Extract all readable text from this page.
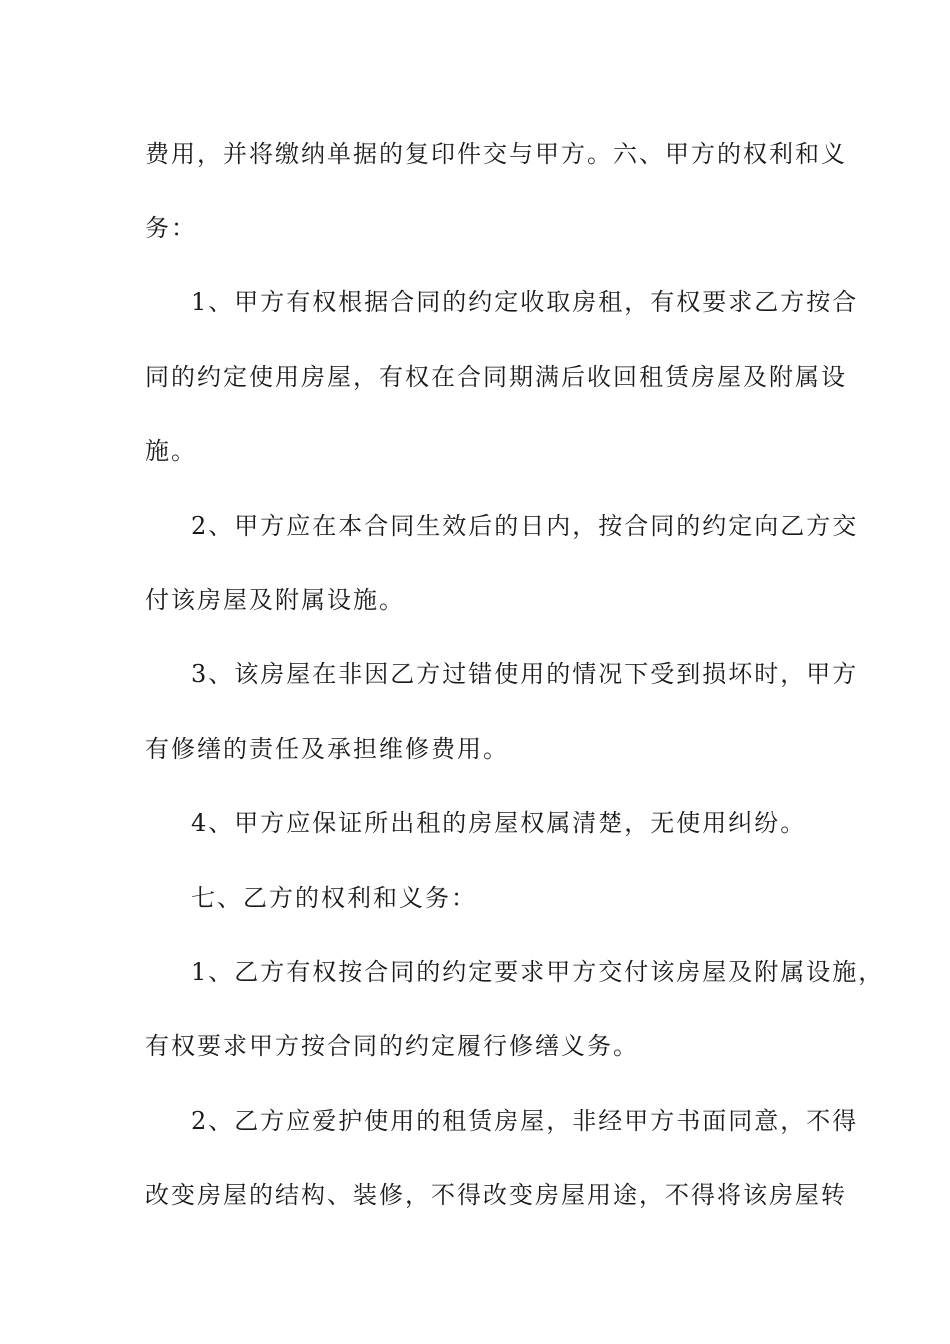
费用，并将缴纳单据的复印件交与甲方。六、甲方的权利和义
务：
1、甲方有权根据合同的约定收取房租，有权要求乙方按合
同的约定使用房屋，有权在合同期满后收回租赁房屋及附属设
施。
2、甲方应在本合同生效后的日内，按合同的约定向乙方交
付该房屋及附属设施。
3、该房屋在非因乙方过错使用的情况下受到损坏时，甲方
有修缮的责任及承担维修费用。
4、甲方应保证所出租的房屋权属清楚，无使用纠纷。
七、乙方的权利和义务：
1、乙方有权按合同的约定要求甲方交付该房屋及附属设施，
有权要求甲方按合同的约定履行修缮义务。
2、乙方应爱护使用的租赁房屋，非经甲方书面同意，不得
改变房屋的结构、装修，不得改变房屋用途，不得将该房屋转
